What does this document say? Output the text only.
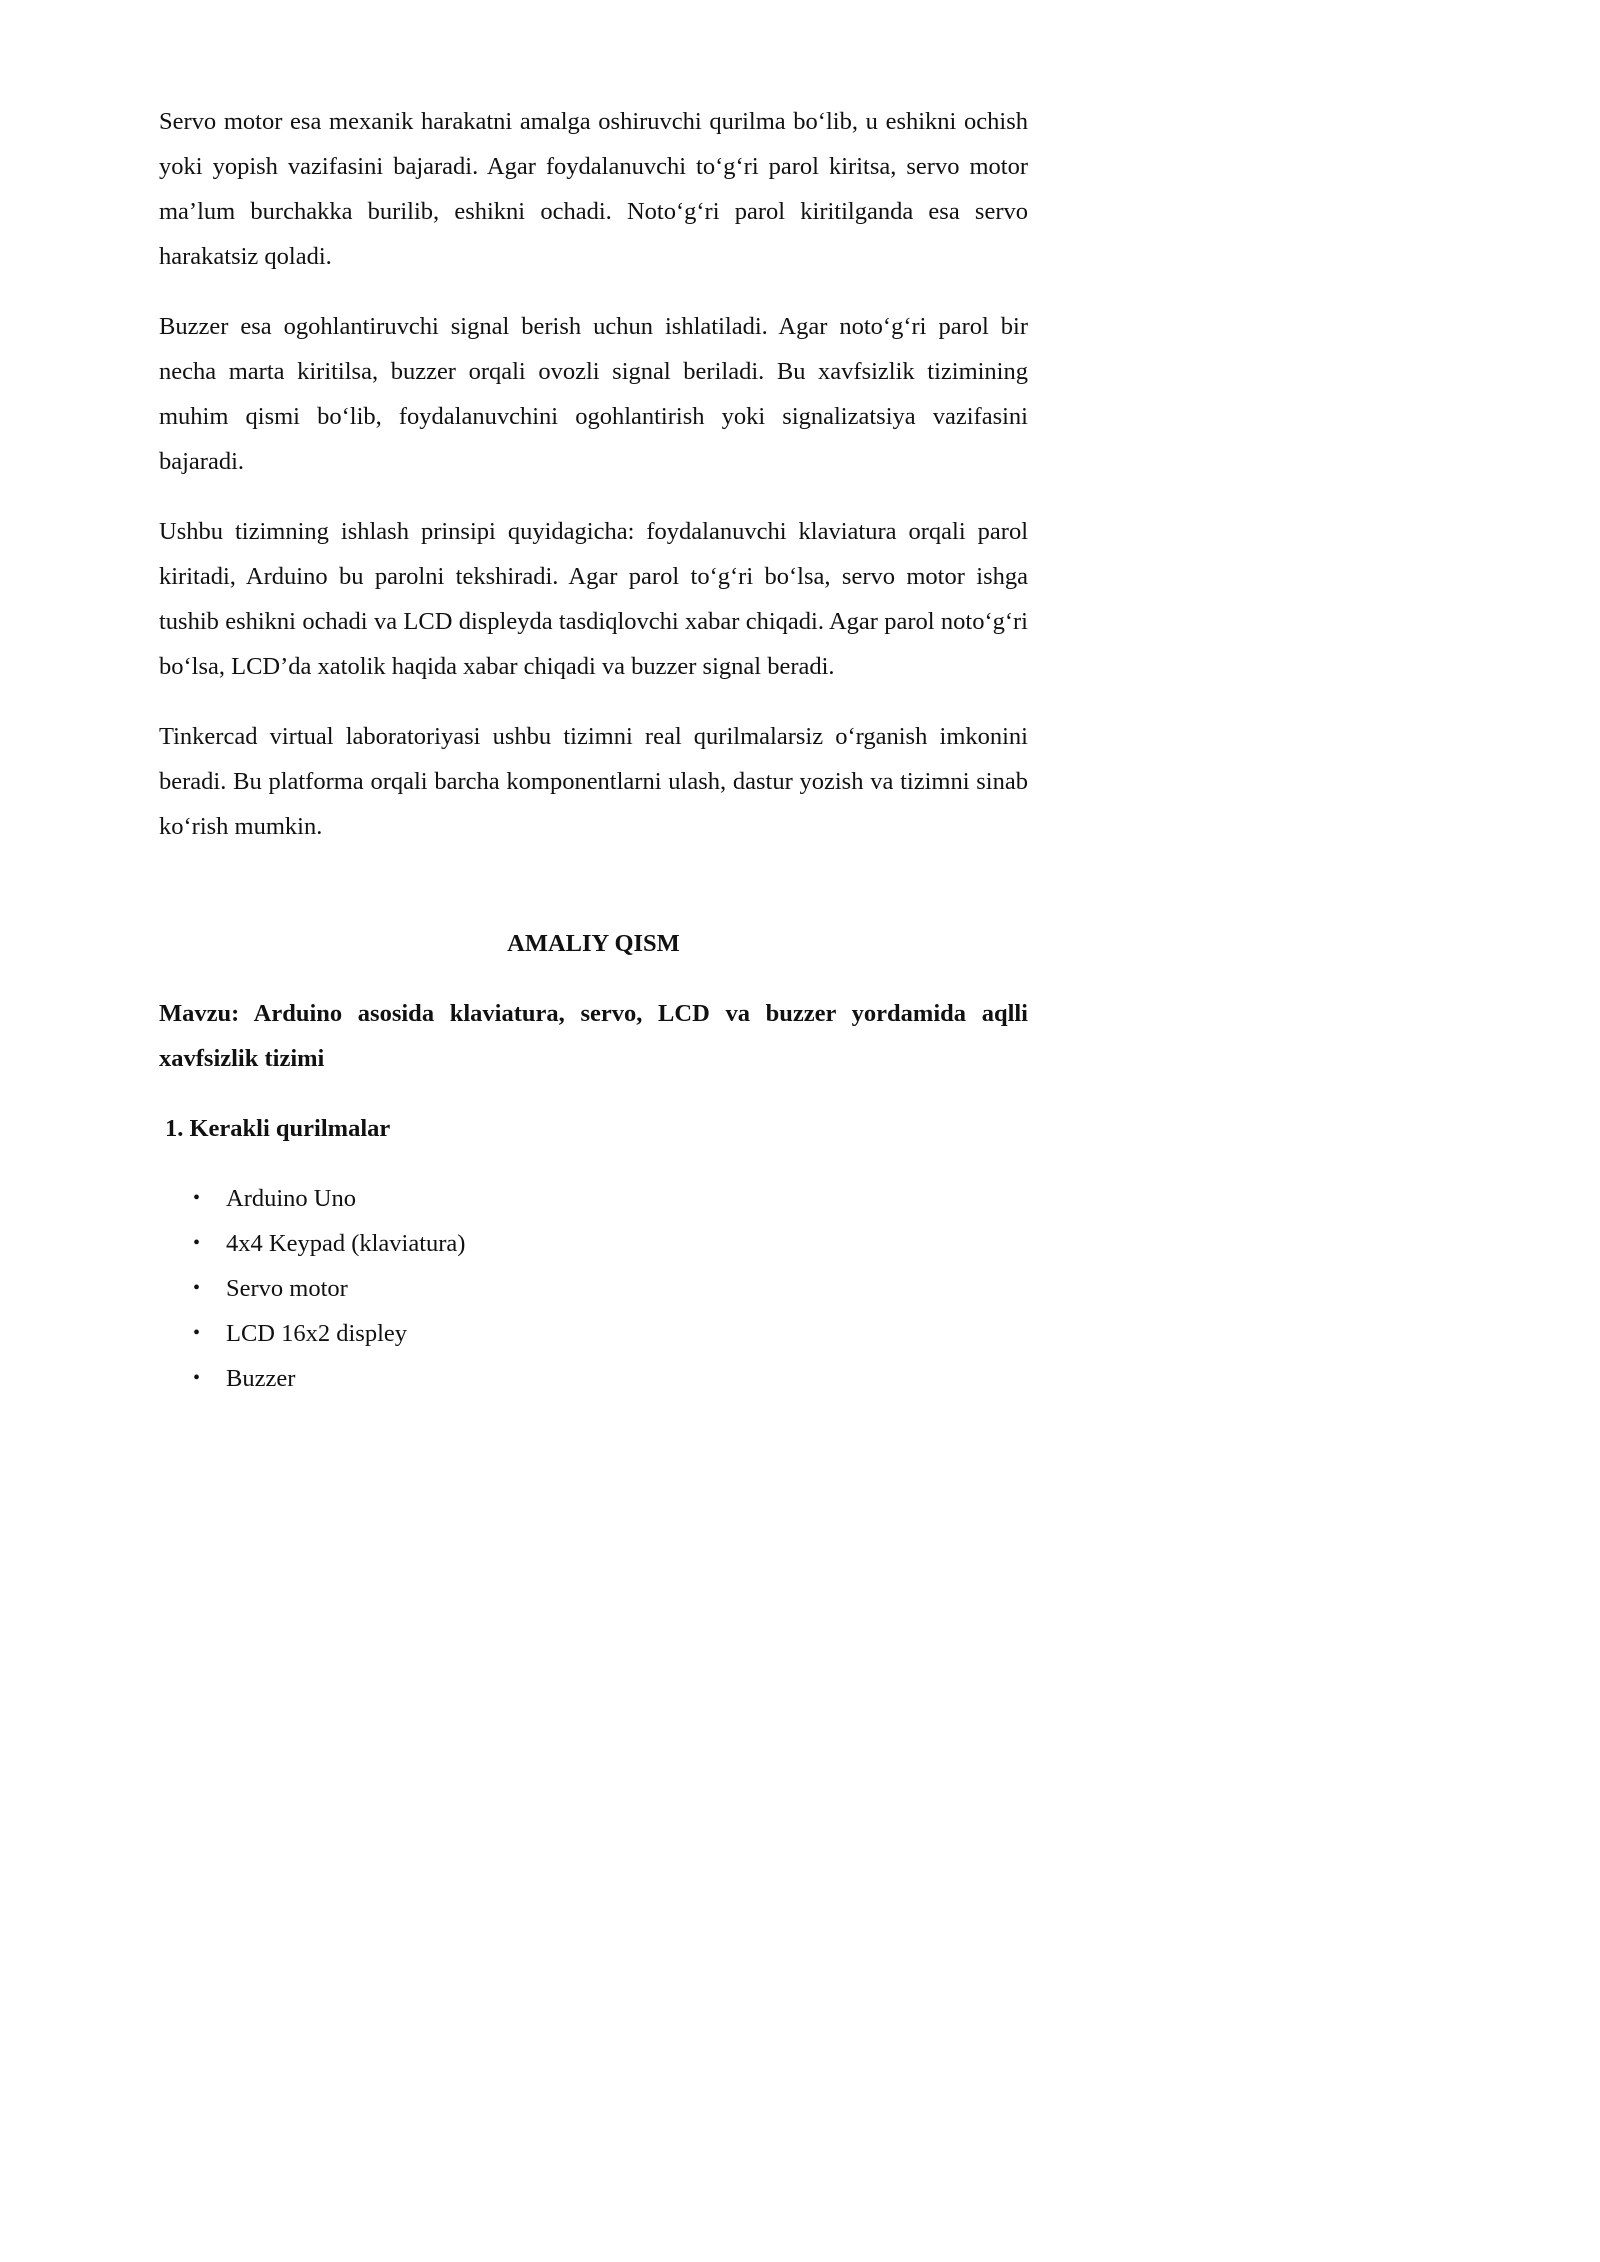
Servo motor esa mexanik harakatni amalga oshiruvchi qurilma bo‘lib, u eshikni ochish yoki yopish vazifasini bajaradi. Agar foydalanuvchi to‘g‘ri parol kiritsa, servo motor ma’lum burchakka burilib, eshikni ochadi. Noto‘g‘ri parol kiritilganda esa servo harakatsiz qoladi.

Buzzer esa ogohlantiruvchi signal berish uchun ishlatiladi. Agar noto‘g‘ri parol bir necha marta kiritilsa, buzzer orqali ovozli signal beriladi. Bu xavfsizlik tizimining muhim qismi bo‘lib, foydalanuvchini ogohlantirish yoki signalizatsiya vazifasini bajaradi.

Ushbu tizimning ishlash prinsipi quyidagicha: foydalanuvchi klaviatura orqali parol kiritadi, Arduino bu parolni tekshiradi. Agar parol to‘g‘ri bo‘lsa, servo motor ishga tushib eshikni ochadi va LCD displeyda tasdiqlovchi xabar chiqadi. Agar parol noto‘g‘ri bo‘lsa, LCD’da xatolik haqida xabar chiqadi va buzzer signal beradi.

Tinkercad virtual laboratoriyasi ushbu tizimni real qurilmalarsiz o‘rganish imkonini beradi. Bu platforma orqali barcha komponentlarni ulash, dastur yozish va tizimni sinab ko‘rish mumkin.

AMALIY QISM
Mavzu: Arduino asosida klaviatura, servo, LCD va buzzer yordamida aqlli xavfsizlik tizimi
1. Kerakli qurilmalar
• Arduino Uno
• 4x4 Keypad (klaviatura)
• Servo motor
• LCD 16x2 displey
• Buzzer
